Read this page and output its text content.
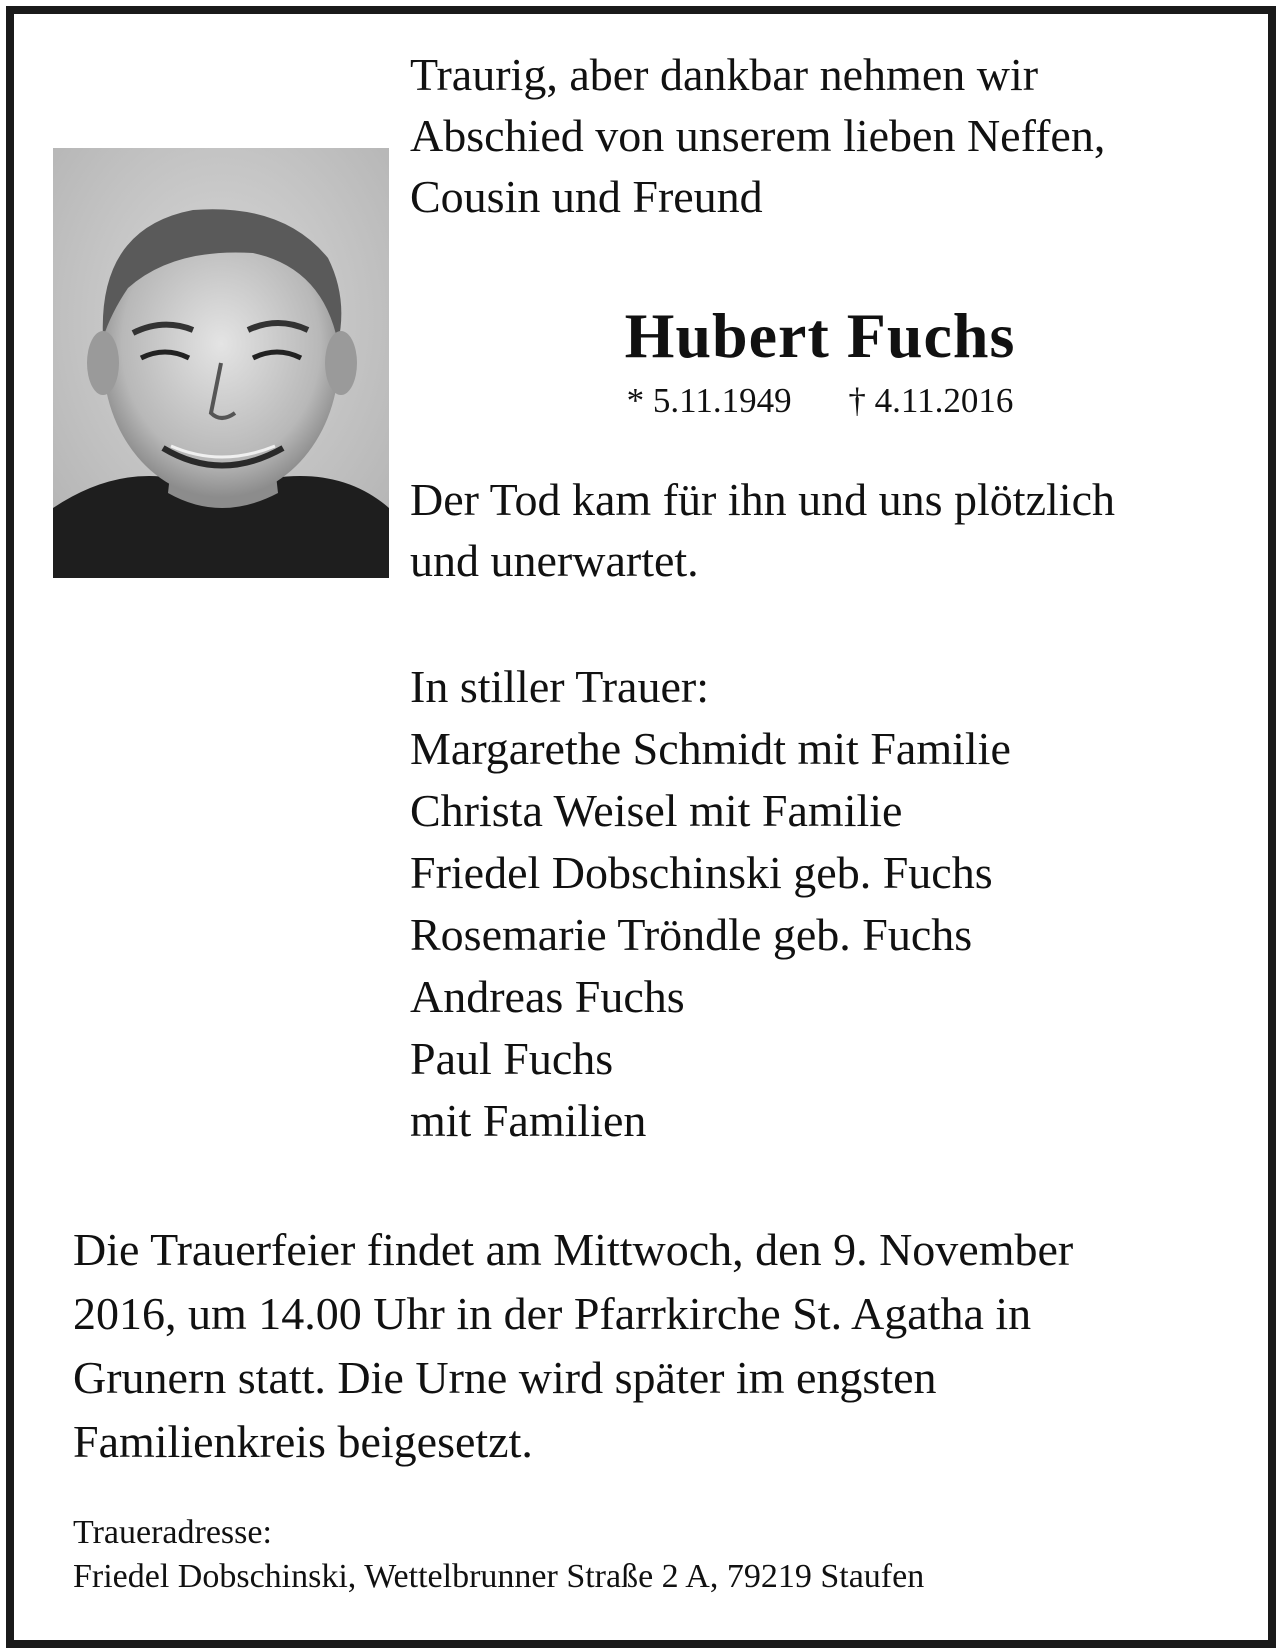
Traurig, aber dankbar nehmen wir
Abschied von unserem lieben Neffen,
Cousin und Freund
Hubert Fuchs
* 5.11.1949 † 4.11.2016
Der Tod kam für ihn und uns plötzlich
und unerwartet.
In stiller Trauer:
Margarethe Schmidt mit Familie
Christa Weisel mit Familie
Friedel Dobschinski geb. Fuchs
Rosemarie Tröndle geb. Fuchs
Andreas Fuchs
Paul Fuchs
mit Familien
Die Trauerfeier findet am Mittwoch, den 9. November
2016, um 14.00 Uhr in der Pfarrkirche St. Agatha in
Grunern statt. Die Urne wird später im engsten
Familienkreis beigesetzt.
Traueradresse:
Friedel Dobschinski, Wettelbrunner Straße 2 A, 79219 Staufen
